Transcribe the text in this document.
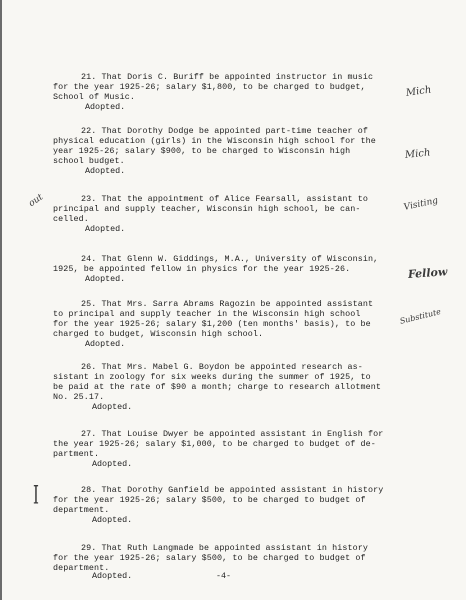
21. That Doris C. Buriff be appointed instructor in music
for the year 1925-26; salary $1,800, to be charged to budget,
School of Music.
Adopted.
Mich
22. That Dorothy Dodge be appointed part-time teacher of
physical education (girls) in the Wisconsin high school for the
year 1925-26; salary $900, to be charged to Wisconsin high
school budget.
Adopted.
Mich
23. That the appointment of Alice Fearsall, assistant to
principal and supply teacher, Wisconsin high school, be can-
celled.
Adopted.
Visiting
out
24. That Glenn W. Giddings, M.A., University of Wisconsin,
1925, be appointed fellow in physics for the year 1925-26.
Adopted.	Fellow
25. That Mrs. Sarra Abrams Ragozin be appointed assistant
to principal and supply teacher in the Wisconsin high school
for the year 1925-26; salary $1,200 (ten months' basis), to be
charged to budget, Wisconsin high school.
Adopted.
Substitute
26. That Mrs. Mabel G. Boydon be appointed research as-
sistant in zoology for six weeks during the summer of 1925, to
be paid at the rate of $90 a month; charge to research allotment
No. 25.17.
Adopted.
27. That Louise Dwyer be appointed assistant in English for
the year 1925-26; salary $1,000, to be charged to budget of de-
partment.
Adopted.
28. That Dorothy Ganfield be appointed assistant in history
for the year 1925-26; salary $500, to be charged to budget of
department.
Adopted.
I
29. That Ruth Langmade be appointed assistant in history
for the year 1925-26; salary $500, to be charged to budget of
department.
Adopted.	-4-
